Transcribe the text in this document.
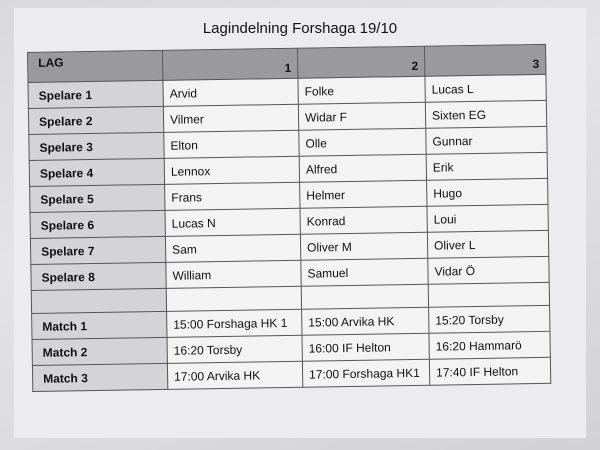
Lagindelning Forshaga 19/10
LAG	1	2	3
Spelare 1	Arvid	Folke	Lucas L
Spelare 2	Vilmer	Widar F	Sixten EG
Spelare 3	Elton	Olle	Gunnar
Spelare 4	Lennox	Alfred	Erik
Spelare 5	Frans	Helmer	Hugo
Spelare 6	Lucas N	Konrad	Loui
Spelare 7	Sam	Oliver M	Oliver L
Spelare 8	William	Samuel	Vidar Ö

Match 1	15:00 Forshaga HK 1	15:00 Arvika HK	15:20 Torsby
Match 2	16:20 Torsby	16:00 IF Helton	16:20 Hammarö
Match 3	17:00 Arvika HK	17:00 Forshaga HK1	17:40 IF Helton
